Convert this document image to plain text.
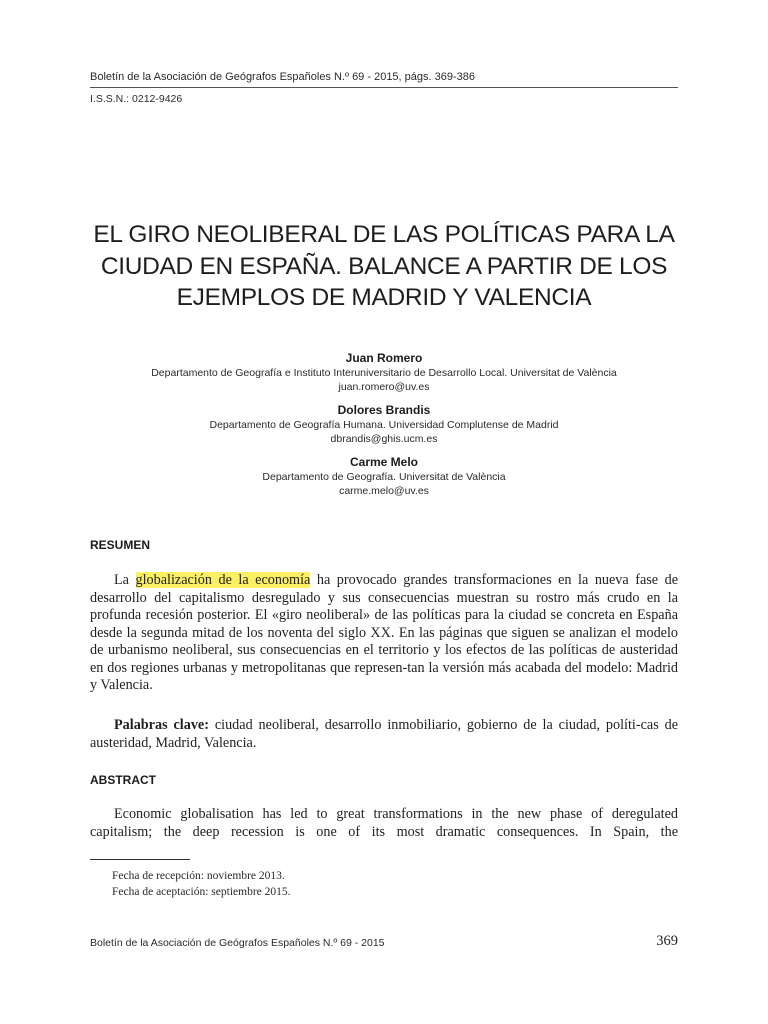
Boletín de la Asociación de Geógrafos Españoles N.º 69 - 2015, págs. 369-386
I.S.S.N.: 0212-9426
EL GIRO NEOLIBERAL DE LAS POLÍTICAS PARA LA
CIUDAD EN ESPAÑA. BALANCE A PARTIR DE LOS
EJEMPLOS DE MADRID Y VALENCIA
Juan Romero
Departamento de Geografía e Instituto Interuniversitario de Desarrollo Local. Universitat de València
juan.romero@uv.es
Dolores Brandis
Departamento de Geografía Humana. Universidad Complutense de Madrid
dbrandis@ghis.ucm.es
Carme Melo
Departamento de Geografía. Universitat de València
carme.melo@uv.es
RESUMEN

La globalización de la economía ha provocado grandes transformaciones en la nueva fase de desarrollo del capitalismo desregulado y sus consecuencias muestran su rostro más crudo en la profunda recesión posterior. El «giro neoliberal» de las políticas para la ciudad se concreta en España desde la segunda mitad de los noventa del siglo XX. En las páginas que siguen se analizan el modelo de urbanismo neoliberal, sus consecuencias en el territorio y los efectos de las políticas de austeridad en dos regiones urbanas y metropolitanas que represen-tan la versión más acabada del modelo: Madrid y Valencia.

Palabras clave: ciudad neoliberal, desarrollo inmobiliario, gobierno de la ciudad, políti-cas de austeridad, Madrid, Valencia.

ABSTRACT

Economic globalisation has led to great transformations in the new phase of deregulated capitalism; the deep recession is one of its most dramatic consequences. In Spain, the

Fecha de recepción: noviembre 2013.
Fecha de aceptación: septiembre 2015.
Boletín de la Asociación de Geógrafos Españoles N.º 69 - 2015	369
